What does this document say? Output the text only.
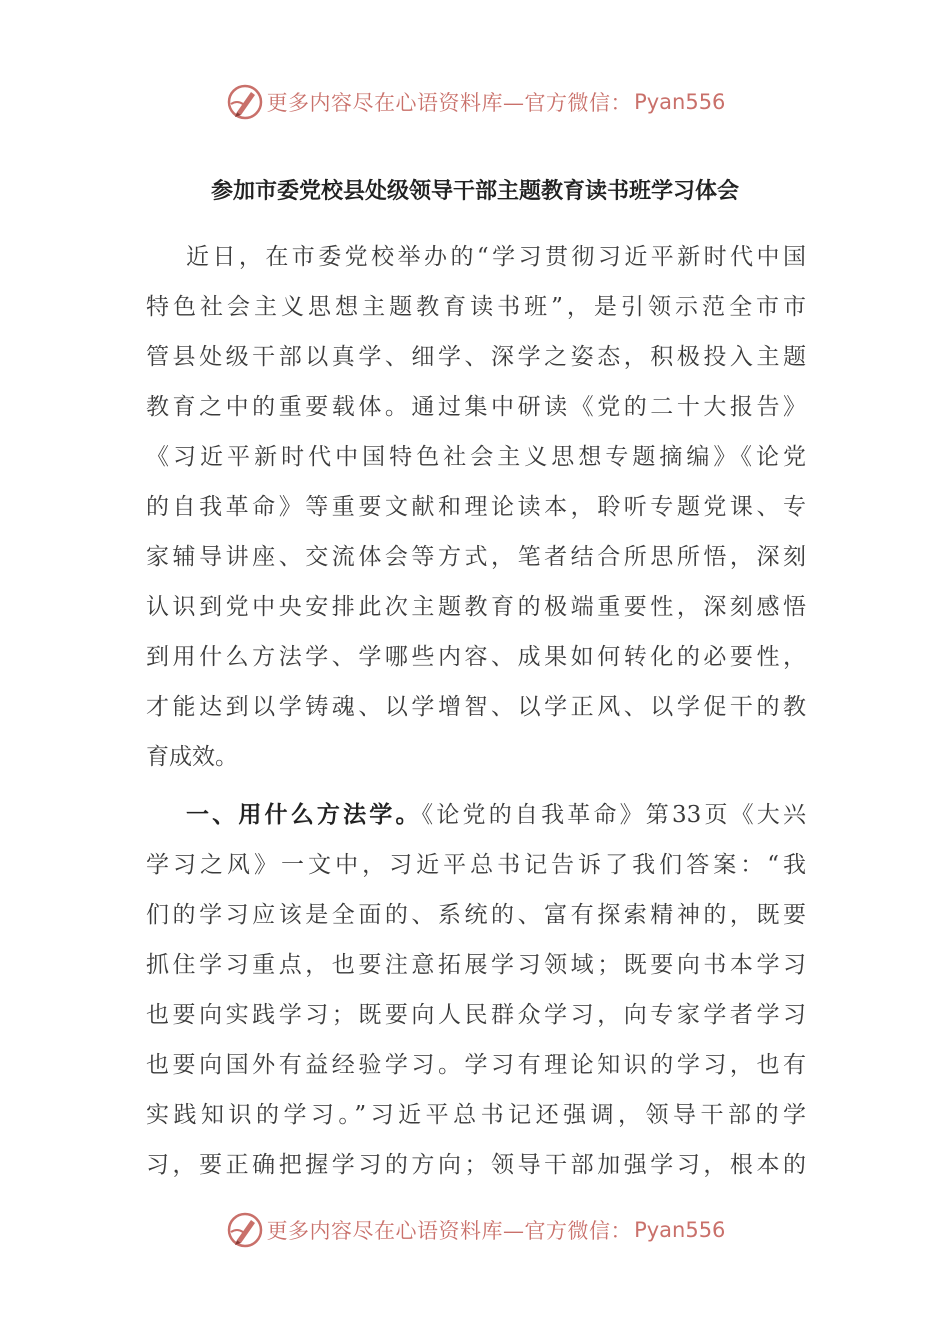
更多内容尽在心语资料库—官方微信： Pyan556
参加市委党校县处级领导干部主题教育读书班学习体会
近日，在市委党校举办的“学习贯彻习近平新时代中国
特色社会主义思想主题教育读书班”，是引领示范全市市
管县处级干部以真学、细学、深学之姿态，积极投入主题
教育之中的重要载体。通过集中研读《党的二十大报告》
《习近平新时代中国特色社会主义思想专题摘编》《论党
的自我革命》等重要文献和理论读本，聆听专题党课、专
家辅导讲座、交流体会等方式，笔者结合所思所悟，深刻
认识到党中央安排此次主题教育的极端重要性，深刻感悟
到用什么方法学、学哪些内容、成果如何转化的必要性，
才能达到以学铸魂、以学增智、以学正风、以学促干的教
育成效。
一、用什么方法学。《论党的自我革命》第33页《大兴
学习之风》一文中，习近平总书记告诉了我们答案：“我
们的学习应该是全面的、系统的、富有探索精神的，既要
抓住学习重点，也要注意拓展学习领域；既要向书本学习
也要向实践学习；既要向人民群众学习，向专家学者学习
也要向国外有益经验学习。学习有理论知识的学习，也有
实践知识的学习。”习近平总书记还强调，领导干部的学
习，要正确把握学习的方向；领导干部加强学习，根本的
更多内容尽在心语资料库—官方微信： Pyan556
